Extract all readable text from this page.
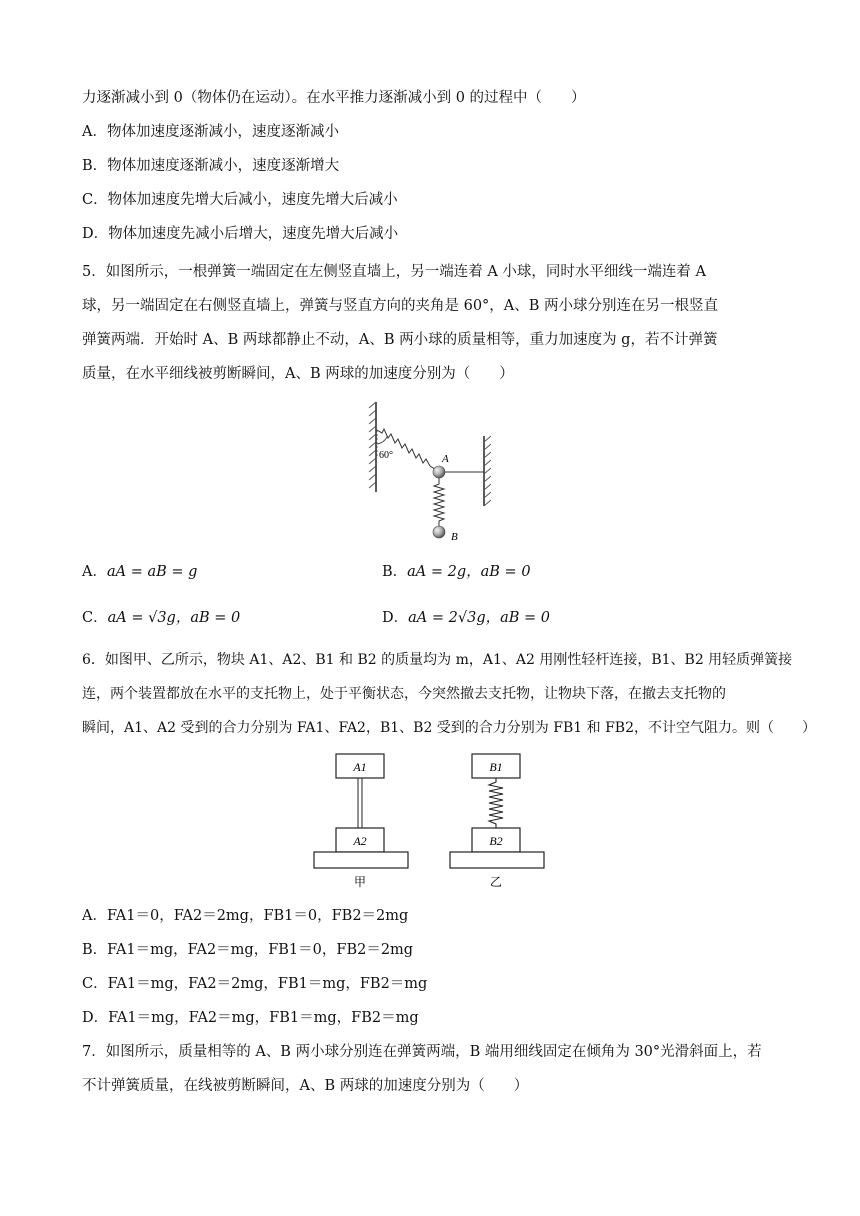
力逐渐减小到 0（物体仍在运动）。在水平推力逐渐减小到 0 的过程中（　　）
A．物体加速度逐渐减小，速度逐渐减小
B．物体加速度逐渐减小，速度逐渐增大
C．物体加速度先增大后减小，速度先增大后减小
D．物体加速度先减小后增大，速度先增大后减小
5．如图所示，一根弹簧一端固定在左侧竖直墙上，另一端连着 A 小球，同时水平细线一端连着 A
球，另一端固定在右侧竖直墙上，弹簧与竖直方向的夹角是 60°，A、B 两小球分别连在另一根竖直
弹簧两端．开始时 A、B 两球都静止不动，A、B 两小球的质量相等，重力加速度为 g，若不计弹簧
质量，在水平细线被剪断瞬间，A、B 两球的加速度分别为（　　）
60°	A
B
A．aA = aB = g	B．aA = 2g，aB = 0
C．aA = √3g，aB = 0	D．aA = 2√3g，aB = 0
6．如图甲、乙所示，物块 A1、A2、B1 和 B2 的质量均为 m，A1、A2 用刚性轻杆连接，B1、B2 用轻质弹簧接
连，两个装置都放在水平的支托物上，处于平衡状态，今突然撤去支托物，让物块下落，在撤去支托物的
瞬间，A1、A2 受到的合力分别为 FA1、FA2，B1、B2 受到的合力分别为 FB1 和 FB2，不计空气阻力。则（　　）
A1
A2
甲
B1
B2
乙
A．FA1＝0，FA2＝2mg，FB1＝0，FB2＝2mg
B．FA1＝mg，FA2＝mg，FB1＝0，FB2＝2mg
C．FA1＝mg，FA2＝2mg，FB1＝mg，FB2＝mg
D．FA1＝mg，FA2＝mg，FB1＝mg，FB2＝mg
7．如图所示，质量相等的 A、B 两小球分别连在弹簧两端，B 端用细线固定在倾角为 30°光滑斜面上，若
不计弹簧质量，在线被剪断瞬间，A、B 两球的加速度分别为（　　）
